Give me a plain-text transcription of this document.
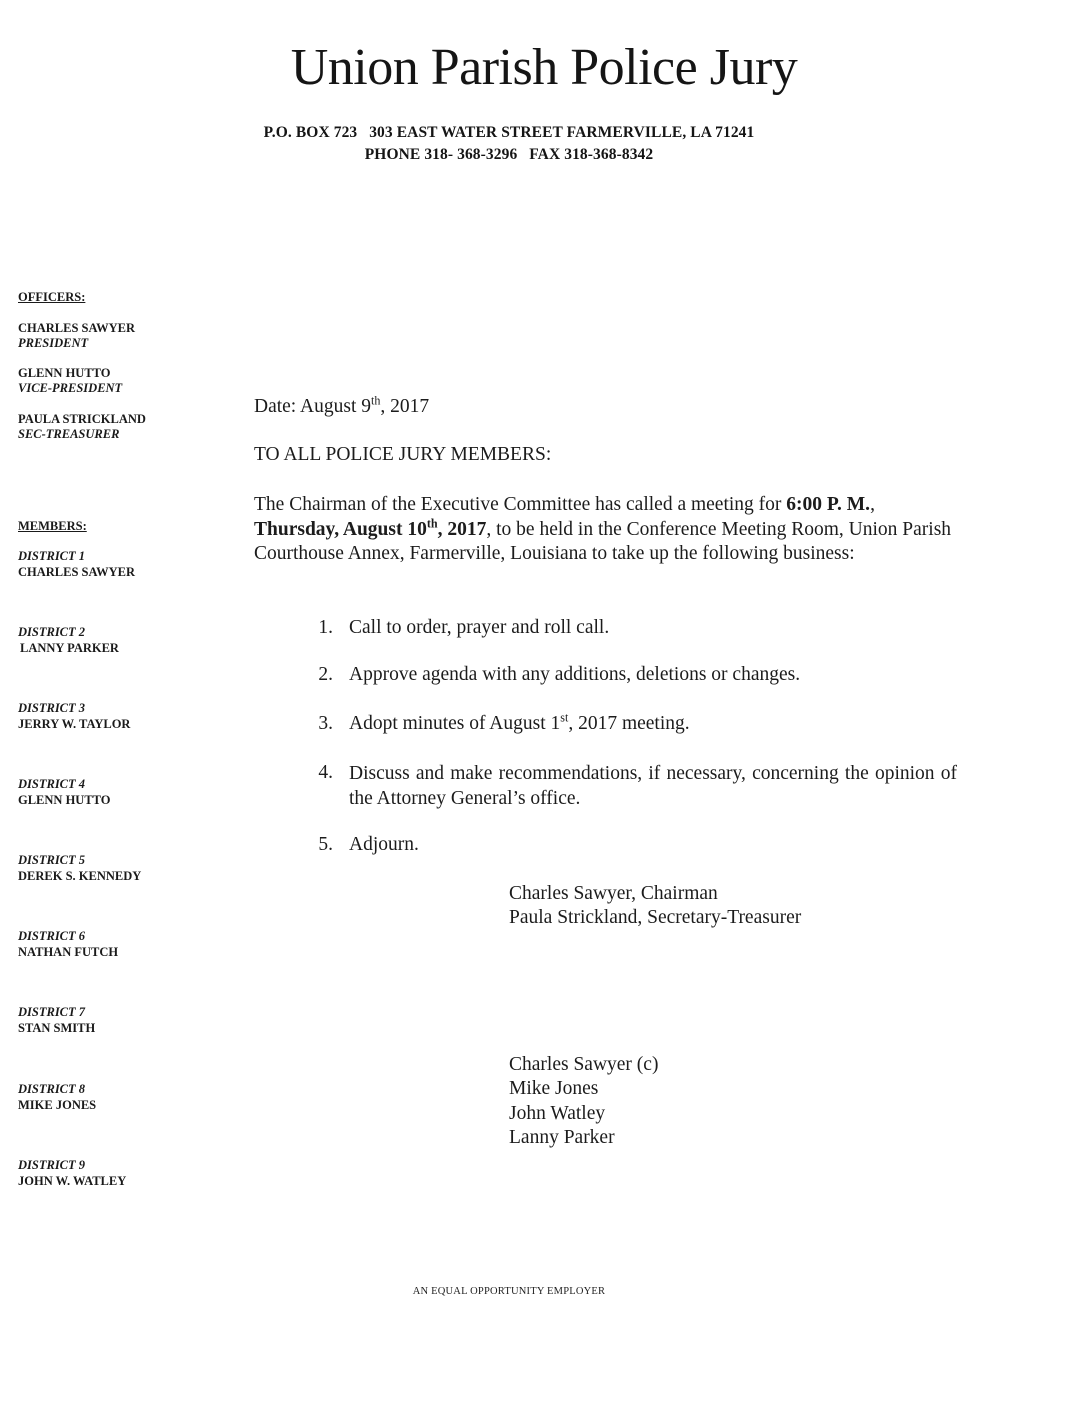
Union Parish Police Jury
P.O. BOX 723   303 EAST WATER STREET FARMERVILLE, LA 71241
PHONE 318- 368-3296   FAX 318-368-8342
OFFICERS:
CHARLES SAWYER
PRESIDENT
GLENN HUTTO
VICE-PRESIDENT
PAULA STRICKLAND
SEC-TREASURER
MEMBERS:
DISTRICT 1
CHARLES SAWYER
DISTRICT 2
LANNY PARKER
DISTRICT 3
JERRY W. TAYLOR
DISTRICT 4
GLENN HUTTO
DISTRICT 5
DEREK S. KENNEDY
DISTRICT 6
NATHAN FUTCH
DISTRICT 7
STAN SMITH
DISTRICT 8
MIKE JONES
DISTRICT 9
JOHN W. WATLEY
Date: August 9th, 2017
TO ALL POLICE JURY MEMBERS:
The Chairman of the Executive Committee has called a meeting for 6:00 P. M., Thursday, August 10th, 2017, to be held in the Conference Meeting Room, Union Parish Courthouse Annex, Farmerville, Louisiana to take up the following business:
1. Call to order, prayer and roll call.
2. Approve agenda with any additions, deletions or changes.
3. Adopt minutes of August 1st, 2017 meeting.
4. Discuss and make recommendations, if necessary, concerning the opinion of the Attorney General’s office.
5. Adjourn.
Charles Sawyer, Chairman
Paula Strickland, Secretary-Treasurer
Charles Sawyer (c)
Mike Jones
John Watley
Lanny Parker
AN EQUAL OPPORTUNITY EMPLOYER
